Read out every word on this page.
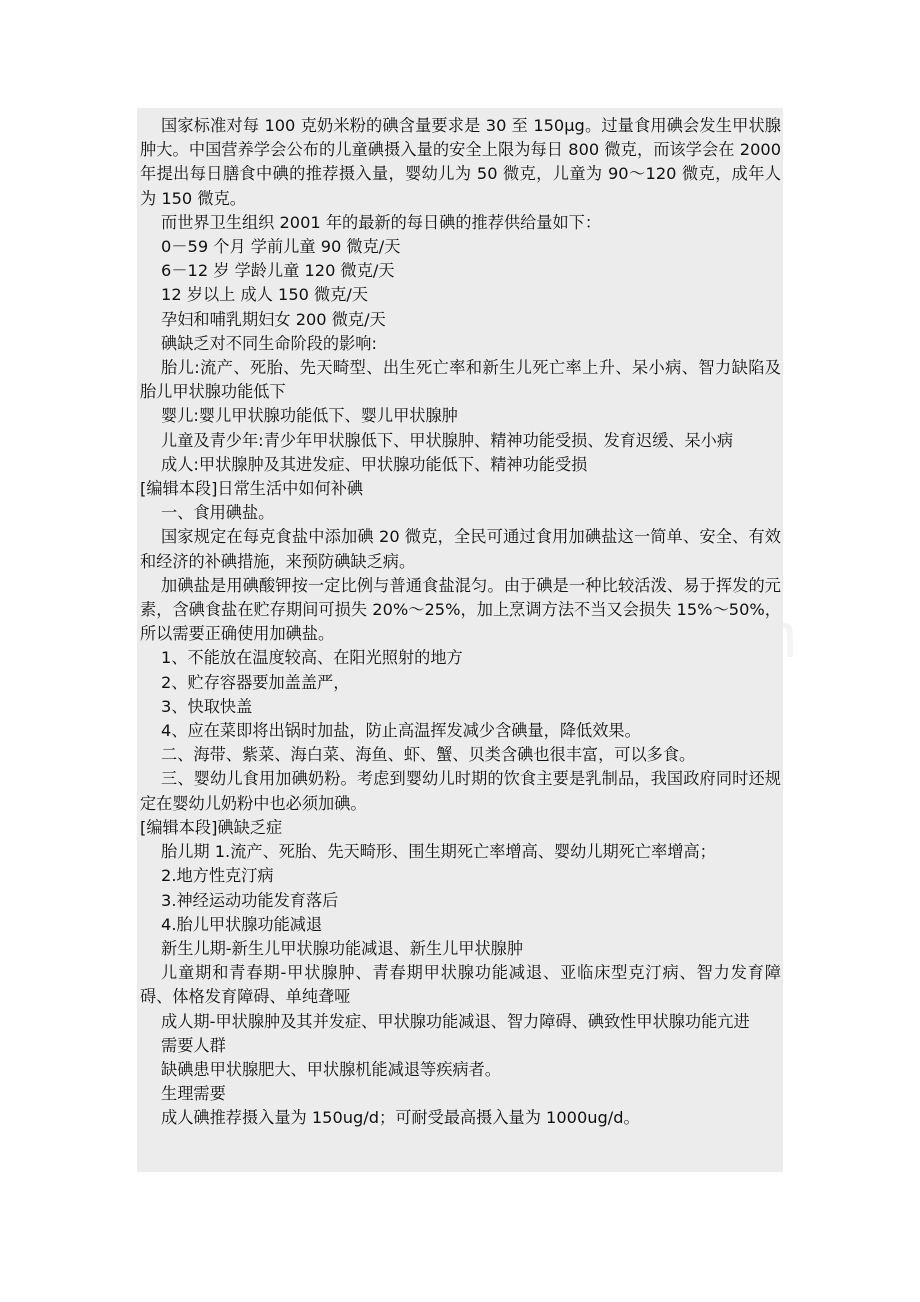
国家标准对每 100 克奶米粉的碘含量要求是 30 至 150μg。过量食用碘会发生甲状腺肿大。中国营养学会公布的儿童碘摄入量的安全上限为每日 800 微克，而该学会在 2000 年提出每日膳食中碘的推荐摄入量，婴幼儿为 50 微克，儿童为 90～120 微克，成年人为 150 微克。

而世界卫生组织 2001 年的最新的每日碘的推荐供给量如下：

0－59 个月 学前儿童 90 微克/天

6－12 岁 学龄儿童 120 微克/天

12 岁以上 成人 150 微克/天

孕妇和哺乳期妇女 200 微克/天

碘缺乏对不同生命阶段的影响:

胎儿:流产、死胎、先天畸型、出生死亡率和新生儿死亡率上升、呆小病、智力缺陷及胎儿甲状腺功能低下

婴儿:婴儿甲状腺功能低下、婴儿甲状腺肿

儿童及青少年:青少年甲状腺低下、甲状腺肿、精神功能受损、发育迟缓、呆小病

成人:甲状腺肿及其进发症、甲状腺功能低下、精神功能受损

[编辑本段]日常生活中如何补碘

一、食用碘盐。

国家规定在每克食盐中添加碘 20 微克，全民可通过食用加碘盐这一简单、安全、有效和经济的补碘措施，来预防碘缺乏病。

加碘盐是用碘酸钾按一定比例与普通食盐混匀。由于碘是一种比较活泼、易于挥发的元素，含碘食盐在贮存期间可损失 20%～25%，加上烹调方法不当又会损失 15%～50%，所以需要正确使用加碘盐。

1、不能放在温度较高、在阳光照射的地方

2、贮存容器要加盖盖严，

3、快取快盖

4、应在菜即将出锅时加盐，防止高温挥发减少含碘量，降低效果。

二、海带、紫菜、海白菜、海鱼、虾、蟹、贝类含碘也很丰富，可以多食。

三、婴幼儿食用加碘奶粉。考虑到婴幼儿时期的饮食主要是乳制品，我国政府同时还规定在婴幼儿奶粉中也必须加碘。

[编辑本段]碘缺乏症

胎儿期 1.流产、死胎、先天畸形、围生期死亡率增高、婴幼儿期死亡率增高；

2.地方性克汀病

3.神经运动功能发育落后

4.胎儿甲状腺功能减退

新生儿期-新生儿甲状腺功能减退、新生儿甲状腺肿

儿童期和青春期-甲状腺肿、青春期甲状腺功能减退、亚临床型克汀病、智力发育障碍、体格发育障碍、单纯聋哑

成人期-甲状腺肿及其并发症、甲状腺功能减退、智力障碍、碘致性甲状腺功能亢进

需要人群

缺碘患甲状腺肥大、甲状腺机能减退等疾病者。

生理需要

成人碘推荐摄入量为 150ug/d；可耐受最高摄入量为 1000ug/d。
